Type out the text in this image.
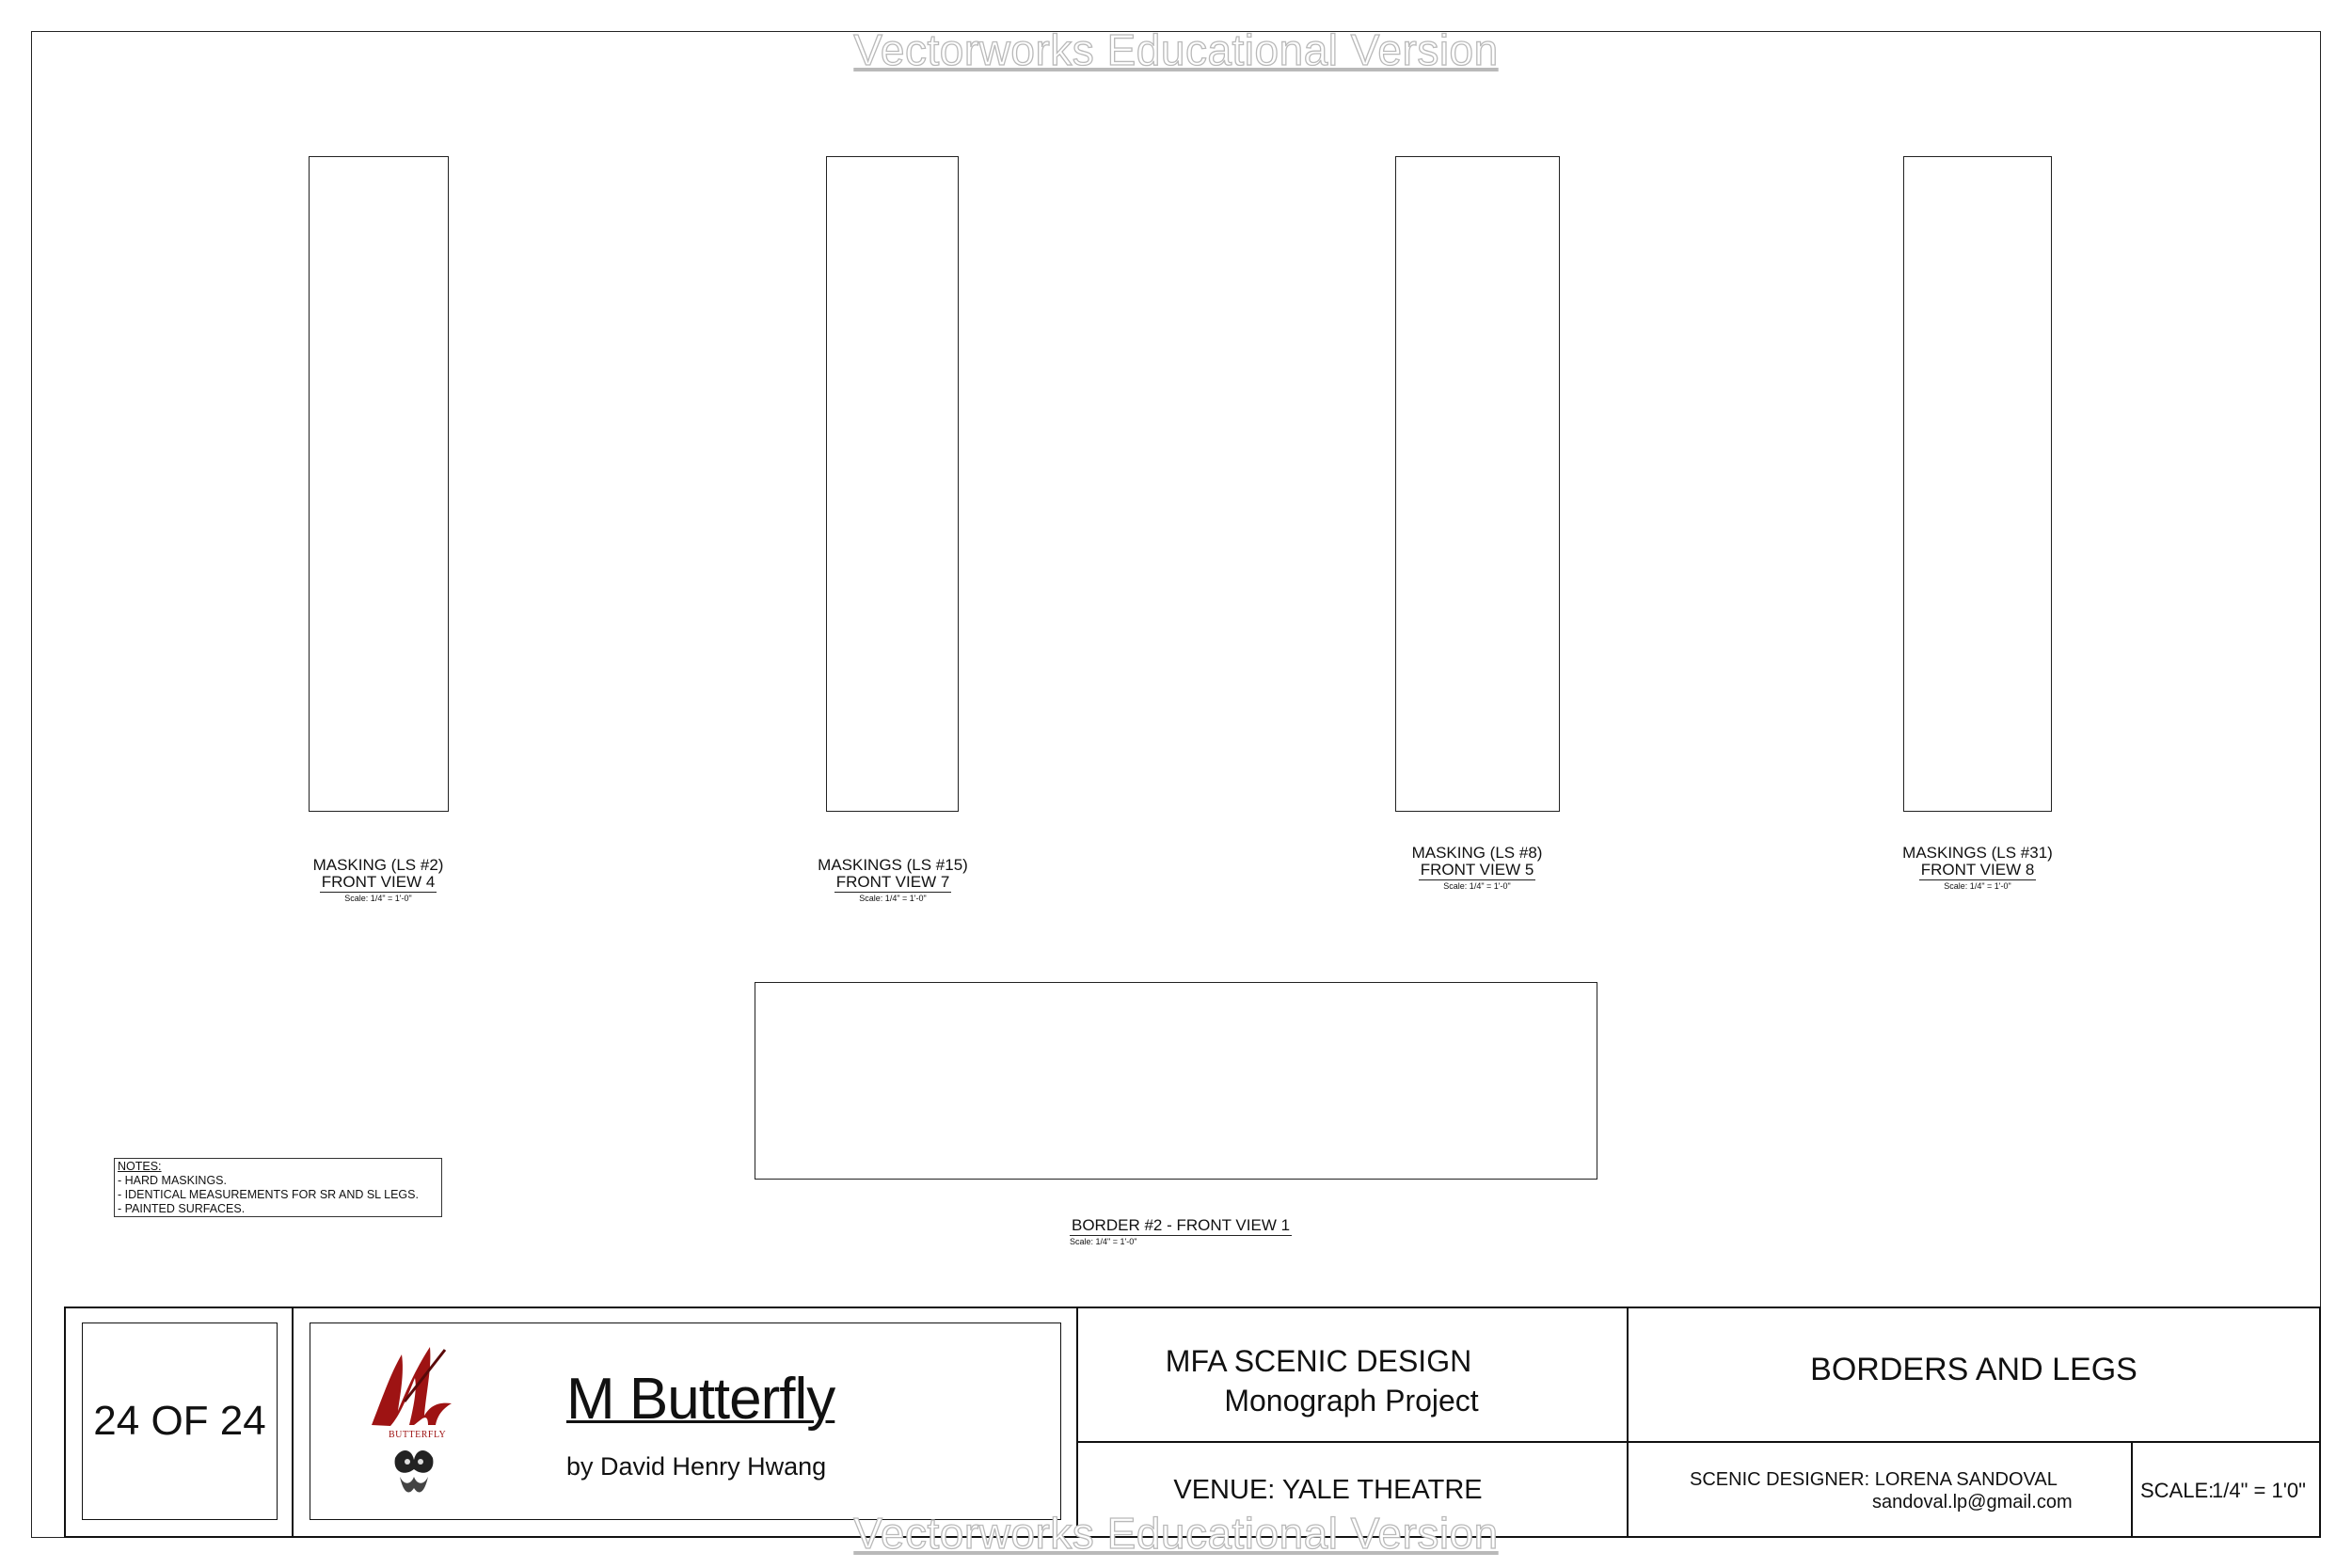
Vectorworks Educational Version
MASKING (LS #2)
FRONT VIEW 4
Scale: 1/4" = 1'-0"
MASKINGS (LS #15)
FRONT VIEW 7
Scale: 1/4" = 1'-0"
MASKING (LS #8)
FRONT VIEW 5
Scale: 1/4" = 1'-0"
MASKINGS (LS #31)
FRONT VIEW 8
Scale: 1/4" = 1'-0"
BORDER #2 - FRONT VIEW 1
Scale: 1/4" = 1'-0"
NOTES:
- HARD MASKINGS.
- IDENTICAL MEASUREMENTS FOR SR AND SL LEGS.
- PAINTED SURFACES.
24 OF 24	BUTTERFLY
M Butterfly
by David Henry Hwang
MFA SCENIC DESIGN
Monograph Project
VENUE: YALE THEATRE
BORDERS AND LEGS
SCENIC DESIGNER: LORENA SANDOVAL
sandoval.lp@gmail.com	SCALE:
1/4" = 1'0"
Vectorworks Educational Version
